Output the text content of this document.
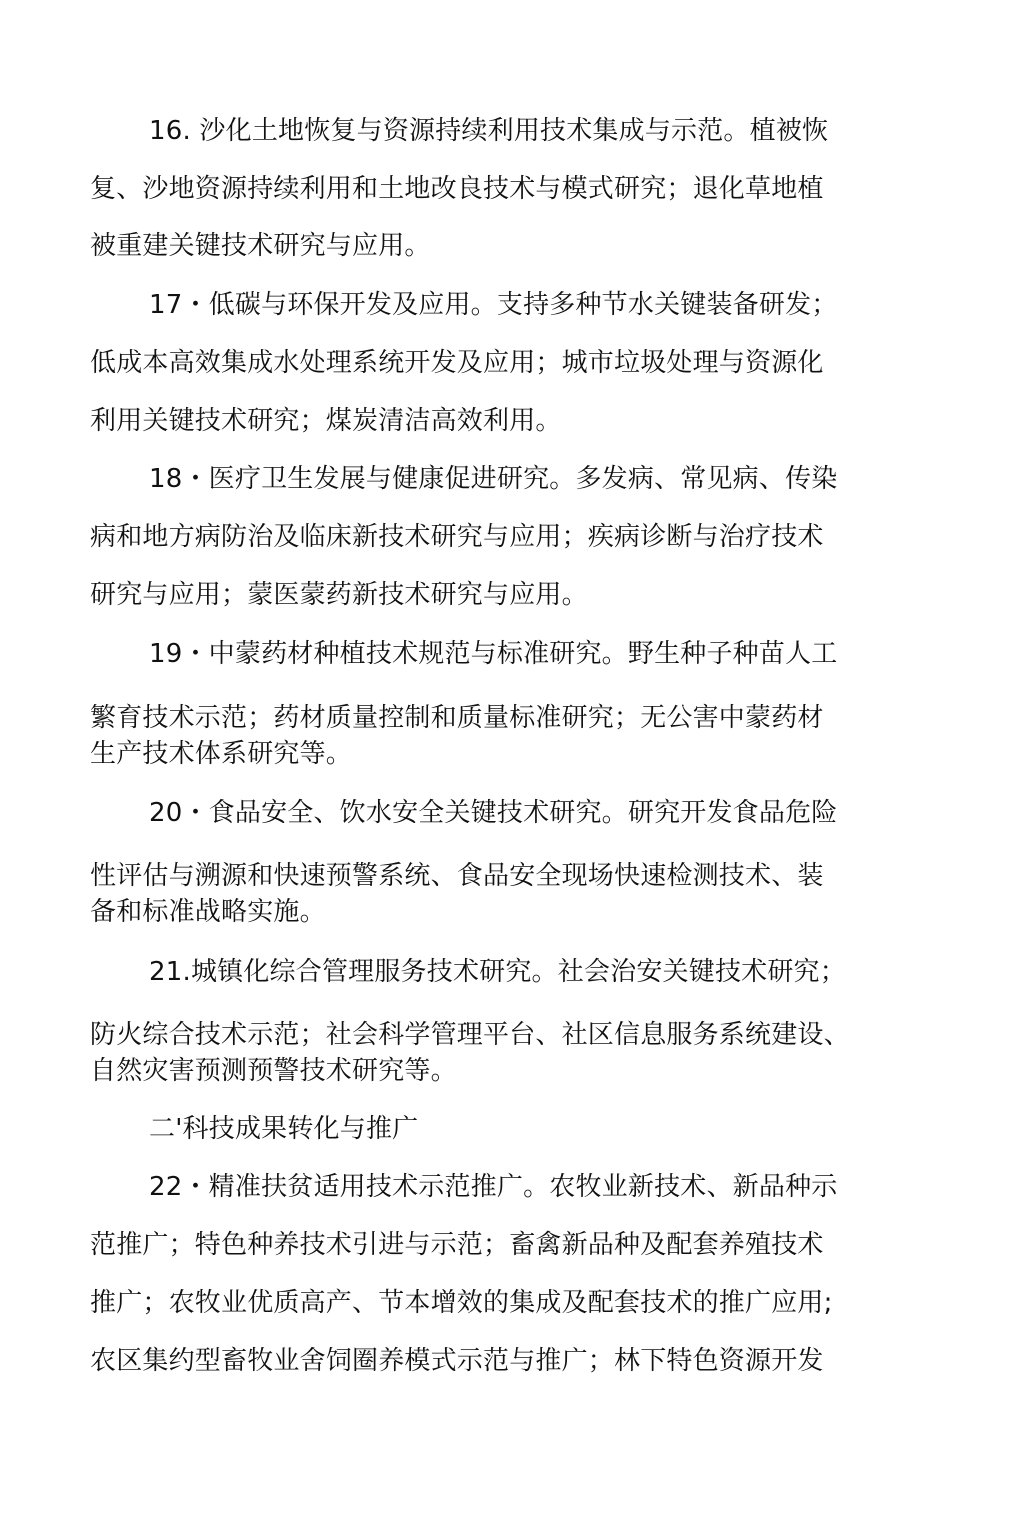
16. 沙化土地恢复与资源持续利用技术集成与示范。植被恢
复、沙地资源持续利用和土地改良技术与模式研究；退化草地植
被重建关键技术研究与应用。
17・低碳与环保开发及应用。支持多种节水关键装备研发；
低成本高效集成水处理系统开发及应用；城市垃圾处理与资源化
利用关键技术研究；煤炭清洁高效利用。
18・医疗卫生发展与健康促进研究。多发病、常见病、传染
病和地方病防治及临床新技术研究与应用；疾病诊断与治疗技术
研究与应用；蒙医蒙药新技术研究与应用。
19・中蒙药材种植技术规范与标准研究。野生种子种苗人工
繁育技术示范；药材质量控制和质量标准研究；无公害中蒙药材
生产技术体系研究等。
20・食品安全、饮水安全关键技术研究。研究开发食品危险
性评估与溯源和快速预警系统、食品安全现场快速检测技术、装
备和标准战略实施。
21.城镇化综合管理服务技术研究。社会治安关键技术研究；
防火综合技术示范；社会科学管理平台、社区信息服务系统建设、
自然灾害预测预警技术研究等。
二'科技成果转化与推广
22・精准扶贫适用技术示范推广。农牧业新技术、新品种示
范推广；特色种养技术引进与示范；畜禽新品种及配套养殖技术
推广；农牧业优质高产、节本增效的集成及配套技术的推广应用;
农区集约型畜牧业舍饲圈养模式示范与推广；林下特色资源开发
